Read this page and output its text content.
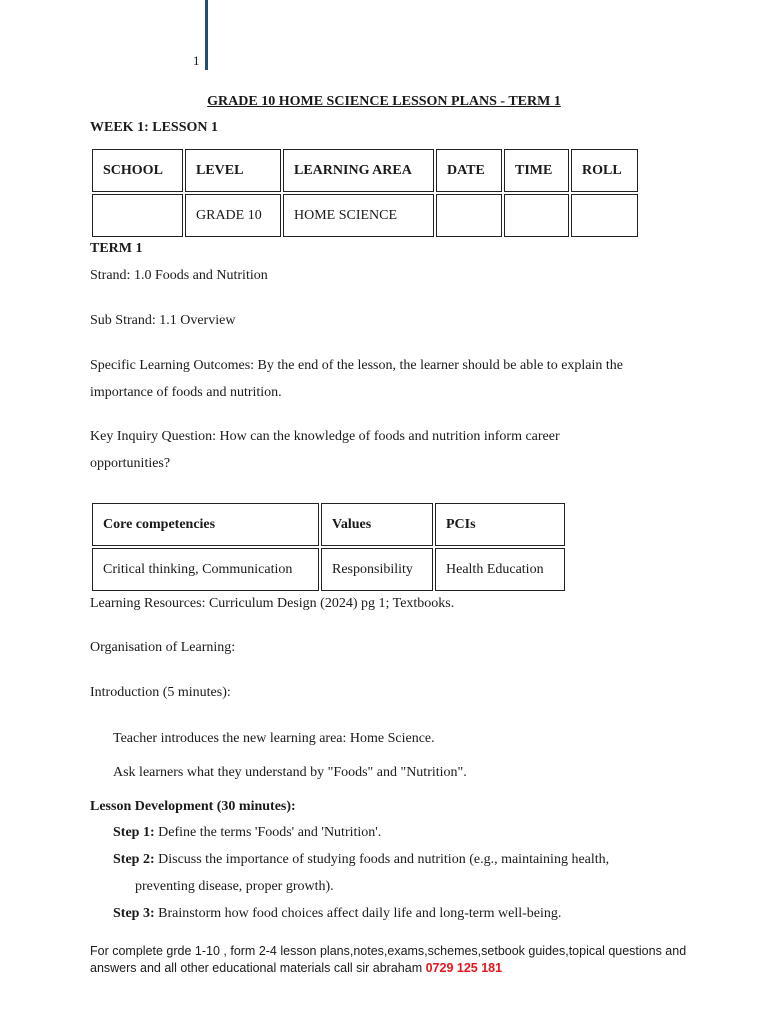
1
GRADE 10 HOME SCIENCE LESSON PLANS - TERM 1
WEEK 1: LESSON 1
SCHOOL	LEVEL	LEARNING AREA	DATE	TIME	ROLL
	GRADE 10	HOME SCIENCE			
TERM 1
Strand: 1.0 Foods and Nutrition
Sub Strand: 1.1 Overview
Specific Learning Outcomes: By the end of the lesson, the learner should be able to explain the importance of foods and nutrition.
Key Inquiry Question: How can the knowledge of foods and nutrition inform career opportunities?
Core competencies	Values	PCIs
Critical thinking, Communication	Responsibility	Health Education
Learning Resources: Curriculum Design (2024) pg 1; Textbooks.
Organisation of Learning:
Introduction (5 minutes):
Teacher introduces the new learning area: Home Science.
Ask learners what they understand by "Foods" and "Nutrition".
Lesson Development (30 minutes):
Step 1: Define the terms 'Foods' and 'Nutrition'.
Step 2: Discuss the importance of studying foods and nutrition (e.g., maintaining health,
preventing disease, proper growth).
Step 3: Brainstorm how food choices affect daily life and long-term well-being.
For complete grde 1-10 , form 2-4 lesson plans,notes,exams,schemes,setbook guides,topical questions and answers and all other educational materials call sir abraham 0729 125 181
